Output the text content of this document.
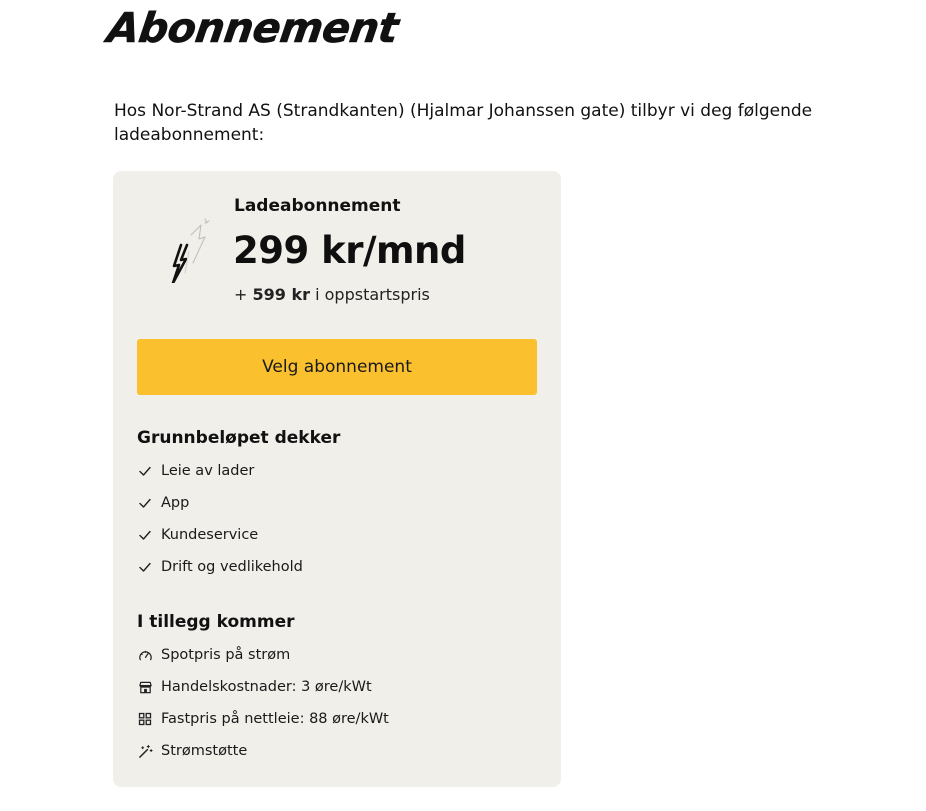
Abonnement

Hos Nor-Strand AS (Strandkanten) (Hjalmar Johanssen gate) tilbyr vi deg følgende ladeabonnement:

Ladeabonnement
299 kr/mnd
+ 599 kr i oppstartspris
Velg abonnement
Grunnbeløpet dekker
Leie av lader
App
Kundeservice
Drift og vedlikehold
I tillegg kommer
Spotpris på strøm
Handelskostnader: 3 øre/kWt
Fastpris på nettleie: 88 øre/kWt
Strømstøtte
